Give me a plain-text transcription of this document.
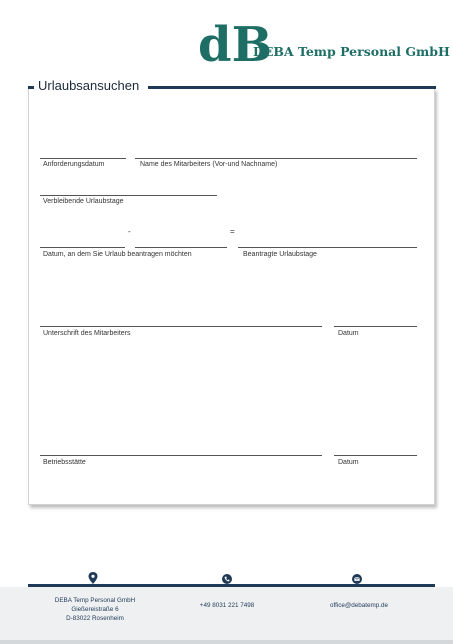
dB
DEBA Temp Personal GmbH
Urlaubsansuchen
Anforderungsdatum	Name des Mitarbeiters (Vor-und Nachname)
Verbleibende Urlaubstage
-	=
Datum, an dem Sie Urlaub beantragen möchten	Beantragte Urlaubstage
Unterschrift des Mitarbeiters	Datum
Betriebsstätte	Datum
DEBA Temp Personal GmbH
Gießereistraße 6
D-83022 Rosenheim
+49 8031 221 7498	office@debatemp.de
